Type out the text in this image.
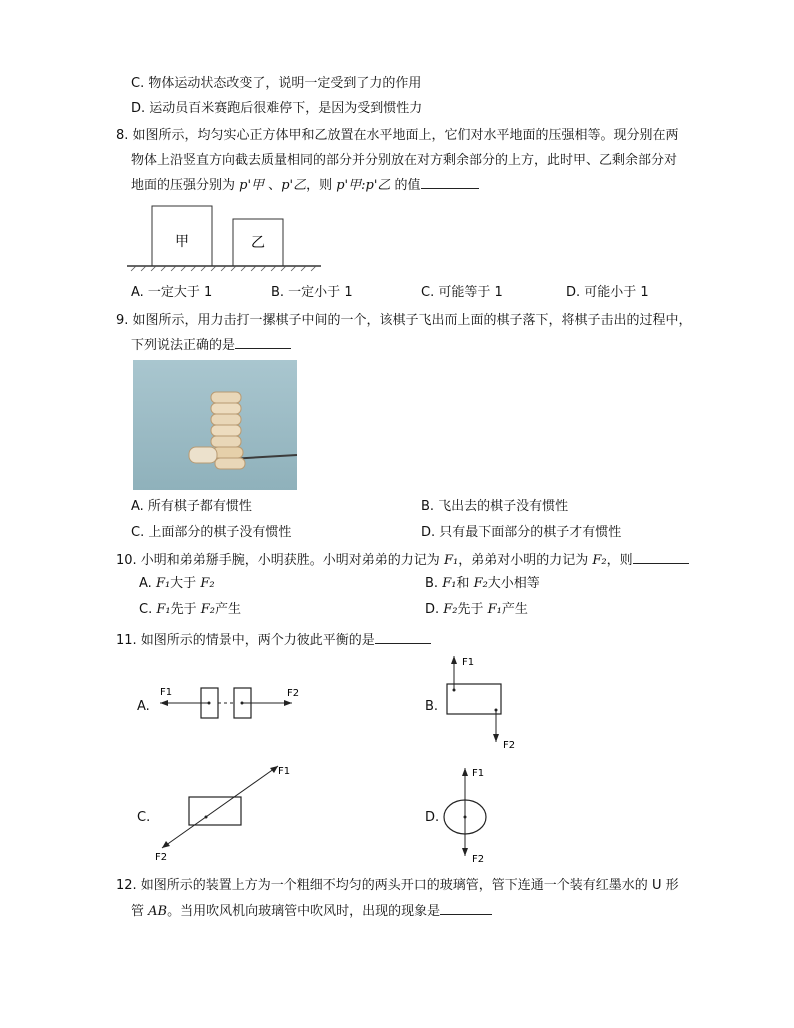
C. 物体运动状态改变了，说明一定受到了力的作用
D. 运动员百米赛跑后很难停下，是因为受到惯性力
8. 如图所示，均匀实心正方体甲和乙放置在水平地面上，它们对水平地面的压强相等。现分别在两
物体上沿竖直方向截去质量相同的部分并分别放在对方剩余部分的上方，此时甲、乙剩余部分对
地面的压强分别为 p'甲 、p'乙，则 p'甲:p'乙 的值
甲	乙
A. 一定大于 1	B. 一定小于 1	C. 可能等于 1	D. 可能小于 1
9. 如图所示，用力击打一摞棋子中间的一个，该棋子飞出而上面的棋子落下，将棋子击出的过程中，
下列说法正确的是
A. 所有棋子都有惯性	B. 飞出去的棋子没有惯性
C. 上面部分的棋子没有惯性	D. 只有最下面部分的棋子才有惯性
10. 小明和弟弟掰手腕，小明获胜。小明对弟弟的力记为 F₁，弟弟对小明的力记为 F₂，则
A. F₁大于 F₂	B. F₁和 F₂大小相等
C. F₁先于 F₂产生	D. F₂先于 F₁产生
11. 如图所示的情景中，两个力彼此平衡的是
A.
F1	F2
B.
F1
F2
C.
F1
F2
D.
F1
F2
12. 如图所示的装置上方为一个粗细不均匀的两头开口的玻璃管，管下连通一个装有红墨水的 U 形
管 AB。当用吹风机向玻璃管中吹风时，出现的现象是
